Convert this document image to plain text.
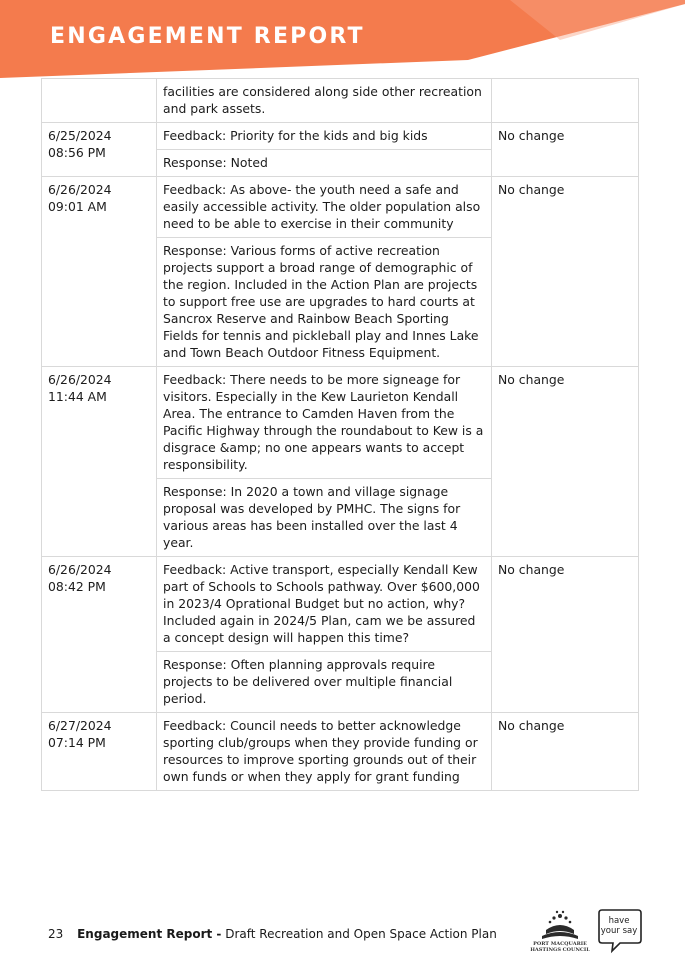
ENGAGEMENT REPORT
	facilities are considered along side other recreation and park assets.	
6/25/2024 08:56 PM	Feedback: Priority for the kids and big kids	No change
	Response: Noted	
6/26/2024 09:01 AM	Feedback: As above- the youth need a safe and easily accessible activity. The older population also need to be able to exercise in their community	No change
	Response: Various forms of active recreation projects support a broad range of demographic of the region. Included in the Action Plan are projects to support free use are upgrades to hard courts at Sancrox Reserve and Rainbow Beach Sporting Fields for tennis and pickleball play and Innes Lake and Town Beach Outdoor Fitness Equipment.	
6/26/2024 11:44 AM	Feedback: There needs to be more signeage for visitors. Especially in the Kew Laurieton Kendall Area. The entrance to Camden Haven from the Pacific Highway through the roundabout to Kew is a disgrace &amp; no one appears wants to accept responsibility.	No change
	Response: In 2020 a town and village signage proposal was developed by PMHC. The signs for various areas has been installed over the last 4 year.	
6/26/2024 08:42 PM	Feedback: Active transport, especially Kendall Kew part of Schools to Schools pathway. Over $600,000 in 2023/4 Oprational Budget but no action, why? Included again in 2024/5 Plan, cam we be assured a concept design will happen this time?	No change
	Response: Often planning approvals require projects to be delivered over multiple financial period.	
6/27/2024 07:14 PM	Feedback: Council needs to better acknowledge sporting club/groups when they provide funding or resources to improve sporting grounds out of their own funds or when they apply for grant funding	No change
23 Engagement Report - Draft Recreation and Open Space Action Plan
PORT MACQUARIE
HASTINGS COUNCIL
have
your say
